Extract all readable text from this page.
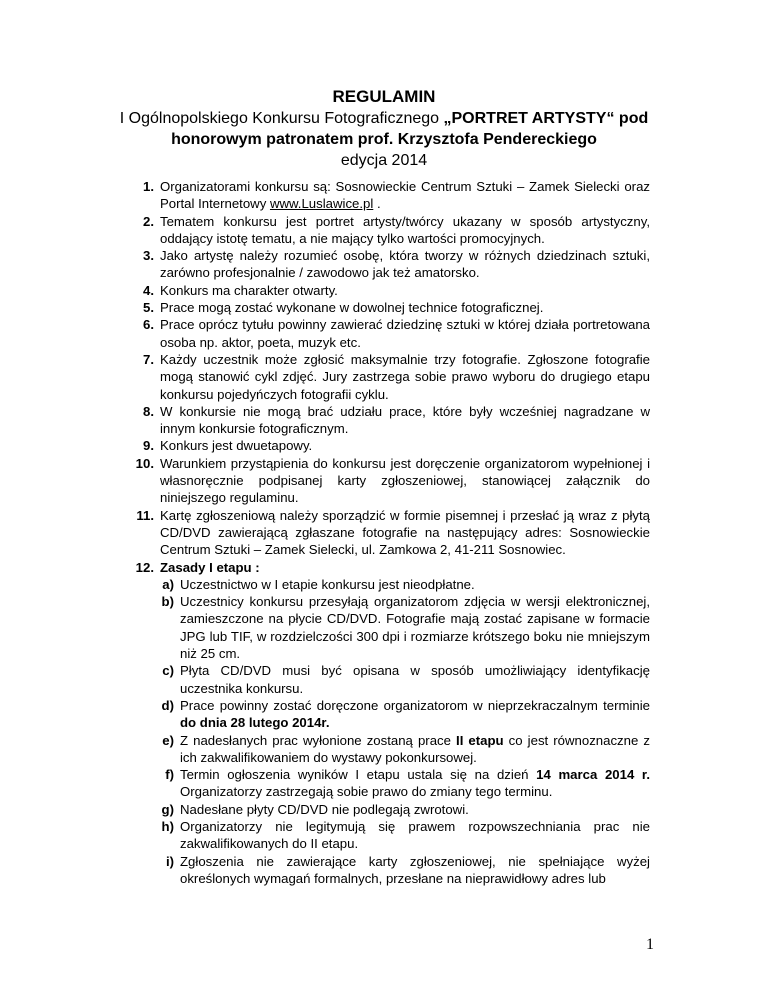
REGULAMIN
I Ogólnopolskiego Konkursu Fotograficznego „PORTRET ARTYSTY“ pod
honorowym patronatem prof. Krzysztofa Pendereckiego
edycja 2014
1. Organizatorami konkursu są: Sosnowieckie Centrum Sztuki – Zamek Sielecki oraz Portal Internetowy www.Luslawice.pl .
2. Tematem konkursu jest portret artysty/twórcy ukazany w sposób artystyczny, oddający istotę tematu, a nie mający tylko wartości promocyjnych.
3. Jako artystę należy rozumieć osobę, która tworzy w różnych dziedzinach sztuki, zarówno profesjonalnie / zawodowo jak też amatorsko.
4. Konkurs ma charakter otwarty.
5. Prace mogą zostać wykonane w dowolnej technice fotograficznej.
6. Prace oprócz tytułu powinny zawierać dziedzinę sztuki w której działa portretowana osoba np. aktor, poeta, muzyk etc.
7. Każdy uczestnik może zgłosić maksymalnie trzy fotografie. Zgłoszone fotografie mogą stanowić cykl zdjęć. Jury zastrzega sobie prawo wyboru do drugiego etapu konkursu pojedyńczych fotografii cyklu.
8. W konkursie nie mogą brać udziału prace, które były wcześniej nagradzane w innym konkursie fotograficznym.
9. Konkurs jest dwuetapowy.
10. Warunkiem przystąpienia do konkursu jest doręczenie organizatorom wypełnionej i własnoręcznie podpisanej karty zgłoszeniowej, stanowiącej załącznik do niniejszego regulaminu.
11. Kartę zgłoszeniową należy sporządzić w formie pisemnej i przesłać ją wraz z płytą CD/DVD zawierającą zgłaszane fotografie na następujący adres: Sosnowieckie Centrum Sztuki – Zamek Sielecki, ul. Zamkowa 2, 41-211 Sosnowiec.
12. Zasady I etapu :
a) Uczestnictwo w I etapie konkursu jest nieodpłatne.
b) Uczestnicy konkursu przesyłają organizatorom zdjęcia w wersji elektronicznej, zamieszczone na płycie CD/DVD. Fotografie mają zostać zapisane w formacie JPG lub TIF, w rozdzielczości 300 dpi i rozmiarze krótszego boku nie mniejszym niż 25 cm.
c) Płyta CD/DVD musi być opisana w sposób umożliwiający identyfikację uczestnika konkursu.
d) Prace powinny zostać doręczone organizatorom w nieprzekraczalnym terminie do dnia 28 lutego 2014r.
e) Z nadesłanych prac wyłonione zostaną prace II etapu co jest równoznaczne z ich zakwalifikowaniem do wystawy pokonkursowej.
f) Termin ogłoszenia wyników I etapu ustala się na dzień 14 marca 2014 r. Organizatorzy zastrzegają sobie prawo do zmiany tego terminu.
g) Nadesłane płyty CD/DVD nie podlegają zwrotowi.
h) Organizatorzy nie legitymują się prawem rozpowszechniania prac nie zakwalifikowanych do II etapu.
i) Zgłoszenia nie zawierające karty zgłoszeniowej, nie spełniające wyżej określonych wymagań formalnych, przesłane na nieprawidłowy adres lub
1
